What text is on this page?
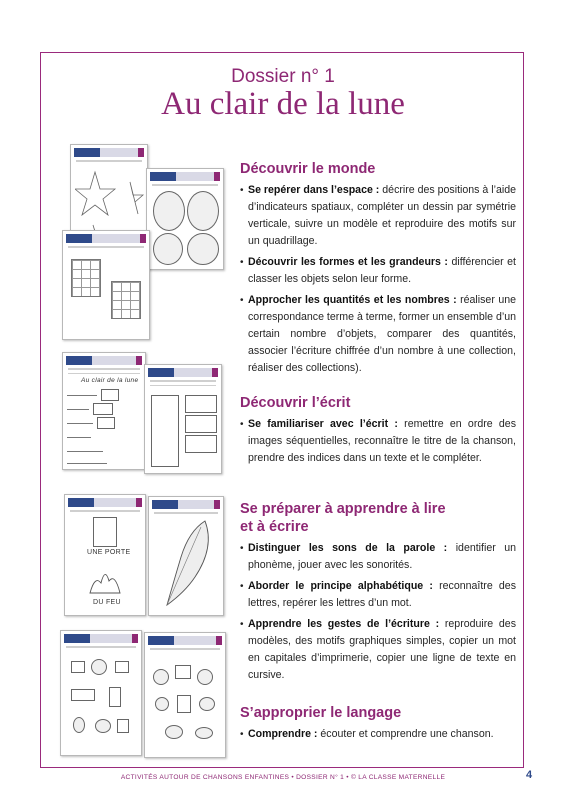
Dossier n° 1
Au clair de la lune
Au clair de la lune
UNE PORTE
DU FEU
Découvrir le monde
• Se repérer dans l’espace : décrire des positions à l’aide d’indicateurs spatiaux, compléter un dessin par symétrie verticale, suivre un modèle et reproduire des motifs sur un quadrillage.
• Découvrir les formes et les grandeurs : différencier et classer les objets selon leur forme.
• Approcher les quantités et les nombres : réaliser une correspondance terme à terme, former un ensemble d’un certain nombre d’objets, comparer des quantités, associer l’écriture chiffrée d’un nombre à une collection, réaliser des collections).
Découvrir l’écrit
• Se familiariser avec l’écrit : remettre en ordre des images séquentielles, reconnaître le titre de la chanson, prendre des indices dans un texte et le compléter.
Se préparer à apprendre à lire
et à écrire
• Distinguer les sons de la parole : identifier un phonème, jouer avec les sonorités.
• Aborder le principe alphabétique : reconnaître des lettres, repérer les lettres d’un mot.
• Apprendre les gestes de l’écriture : reproduire des modèles, des motifs graphiques simples, copier un mot en capitales d’imprimerie, copier une ligne de texte en cursive.
S’approprier le langage
• Comprendre : écouter et comprendre une chanson.
ACTIVITÉS AUTOUR DE CHANSONS ENFANTINES • DOSSIER N° 1 • © LA CLASSE MATERNELLE	4
